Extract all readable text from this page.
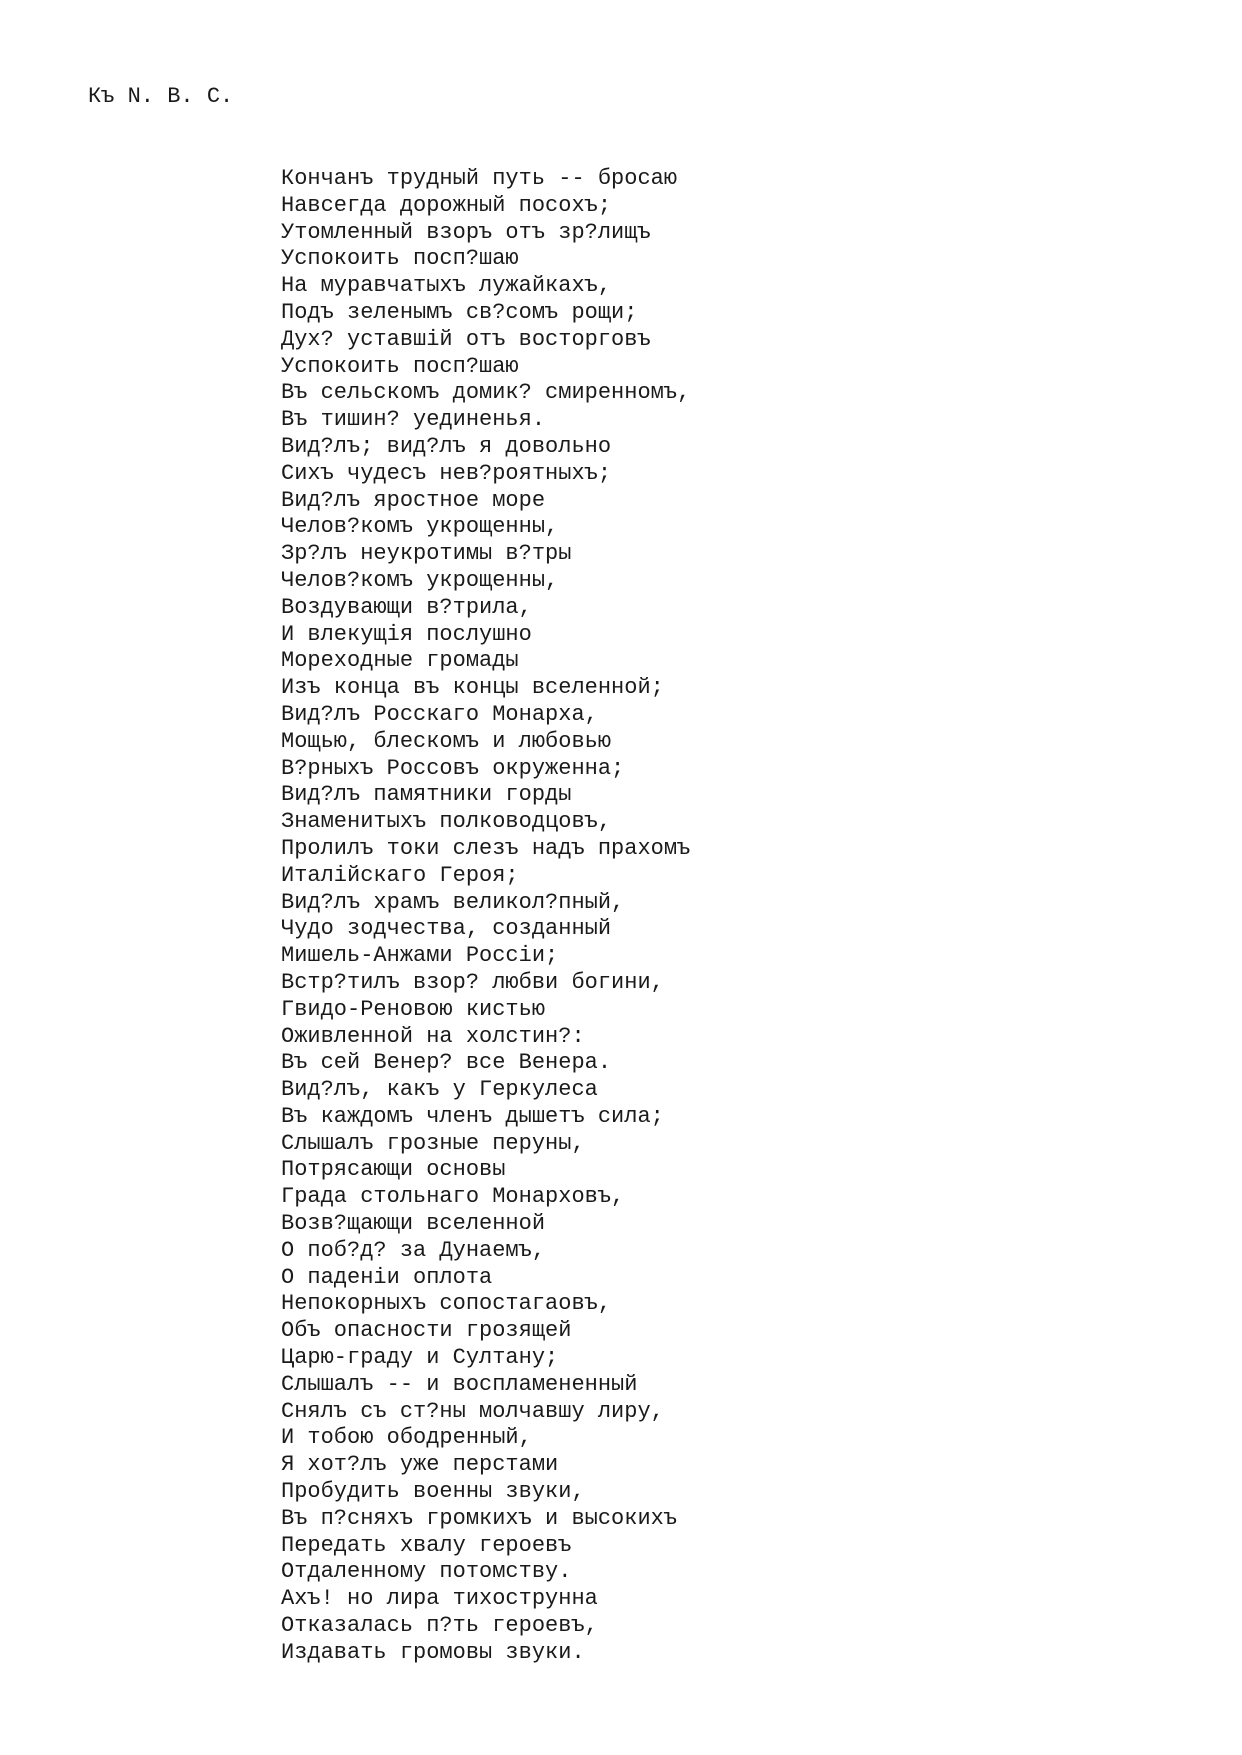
Къ N. B. C.
Кончанъ трудный путь -- бросаю
Навсегда дорожный посохъ;
Утомленный взоръ отъ зр?лищъ
Успокоить посп?шаю
На муравчатыхъ лужайкахъ,
Подъ зеленымъ св?сомъ рощи;
Дух? уставшій отъ восторговъ
Успокоить посп?шаю
Въ сельскомъ домик? смиренномъ,
Въ тишин? уединенья.
Вид?лъ; вид?лъ я довольно
Сихъ чудесъ нев?роятныхъ;
Вид?лъ яростное море
Челов?комъ укрощенны,
Зр?лъ неукротимы в?тры
Челов?комъ укрощенны,
Воздувающи в?трила,
И влекущія послушно
Мореходные громады
Изъ конца въ концы вселенной;
Вид?лъ Росскаго Монарха,
Мощью, блескомъ и любовью
В?рныхъ Россовъ окруженна;
Вид?лъ памятники горды
Знаменитыхъ полководцовъ,
Пролилъ токи слезъ надъ прахомъ
Италійскаго Героя;
Вид?лъ храмъ великол?пный,
Чудо зодчества, созданный
Мишель-Анжами Россіи;
Встр?тилъ взор? любви богини,
Гвидо-Реновою кистью
Оживленной на холстин?:
Въ сей Венер? все Венера.
Вид?лъ, какъ у Геркулеса
Въ каждомъ членъ дышетъ сила;
Слышалъ грозные перуны,
Потрясающи основы
Града стольнаго Монарховъ,
Возв?щающи вселенной
О поб?д? за Дунаемъ,
О паденіи оплота
Непокорныхъ сопостагаовъ,
Объ опасности грозящей
Царю-граду и Султану;
Слышалъ -- и воспламененный
Снялъ съ ст?ны молчавшу лиру,
И тобою ободренный,
Я хот?лъ уже перстами
Пробудить военны звуки,
Въ п?сняхъ громкихъ и высокихъ
Передать хвалу героевъ
Отдаленному потомству.
Ахъ! но лира тихострунна
Отказалась п?ть героевъ,
Издавать громовы звуки.
